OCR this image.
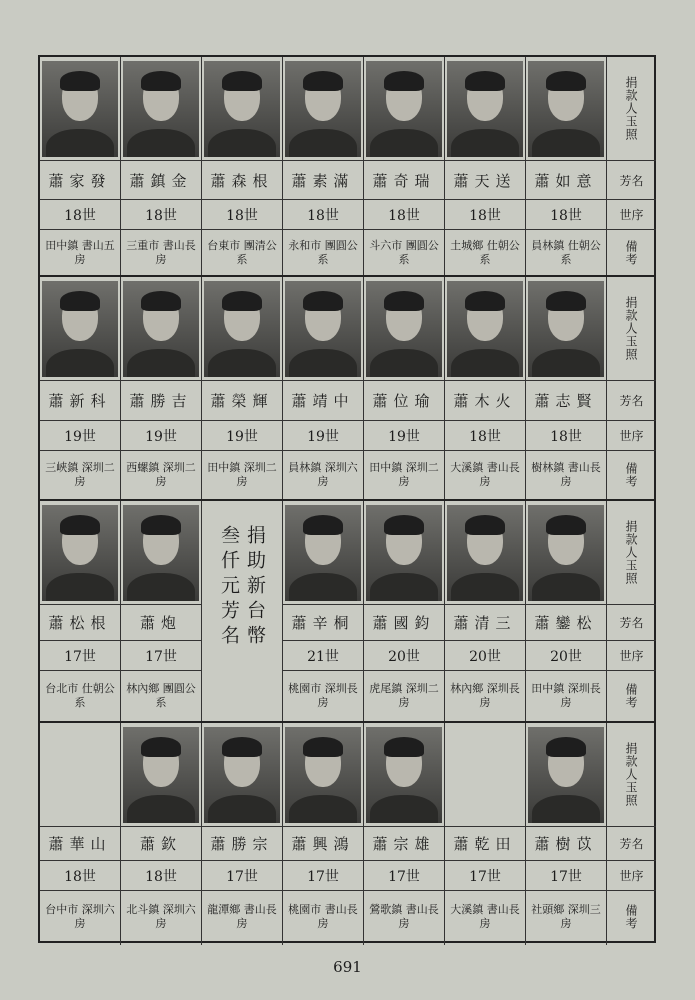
蕭家發
18世
田中鎮 書山五房
蕭鎮金
18世
三重市 書山長房
蕭森根
18世
台東市 團清公系
蕭素滿
18世
永和市 團圓公系
蕭奇瑞
18世
斗六市 團圓公系
蕭天送
18世
土城鄉 仕朝公系
蕭如意
18世
員林鎮 仕朝公系
捐款人玉照
芳名
世序
備考
蕭新科
19世
三峽鎮 深圳二房
蕭勝吉
19世
西螺鎮 深圳二房
蕭榮輝
19世
田中鎮 深圳二房
蕭靖中
19世
員林鎮 深圳六房
蕭位瑜
19世
田中鎮 深圳二房
蕭木火
18世
大溪鎮 書山長房
蕭志賢
18世
樹林鎮 書山長房
捐款人玉照
芳名
世序
備考
蕭松根
17世
台北市 仕朝公系
蕭炮
17世
林內鄉 團圓公系
捐助新台幣
叁仟元芳名	蕭辛桐
21世
桃園市 深圳長房
蕭國鈞
20世
虎尾鎮 深圳二房
蕭清三
20世
林內鄉 深圳長房
蕭鑾松
20世
田中鎮 深圳長房
捐款人玉照
芳名
世序
備考
蕭華山
18世
台中市 深圳六房
蕭欽
18世
北斗鎮 深圳六房
蕭勝宗
17世
龍潭鄉 書山長房
蕭興鴻
17世
桃園市 書山長房
蕭宗雄
17世
鶯歌鎮 書山長房
蕭乾田
17世
大溪鎮 書山長房
蕭樹苡
17世
社頭鄉 深圳三房
捐款人玉照
芳名
世序
備考
691
